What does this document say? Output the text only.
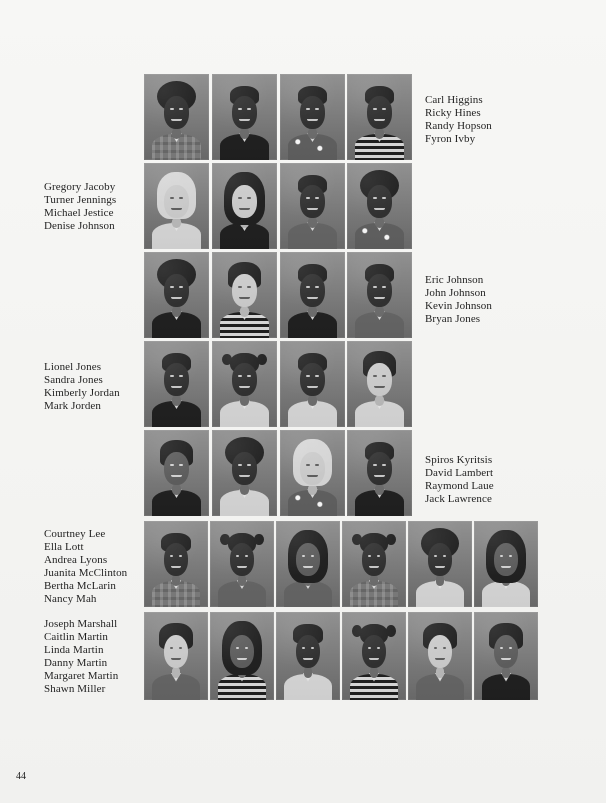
Carl Higgins
Ricky Hines
Randy Hopson
Fyron Ivby
Gregory Jacoby
Turner Jennings
Michael Jestice
Denise Johnson
Eric Johnson
John Johnson
Kevin Johnson
Bryan Jones
Lionel Jones
Sandra Jones
Kimberly Jordan
Mark Jorden
Spiros Kyritsis
David Lambert
Raymond Laue
Jack Lawrence
Courtney Lee
Ella Lott
Andrea Lyons
Juanita McClinton
Bertha McLarin
Nancy Mah
Joseph Marshall
Caitlin Martin
Linda Martin
Danny Martin
Margaret Martin
Shawn Miller
44
